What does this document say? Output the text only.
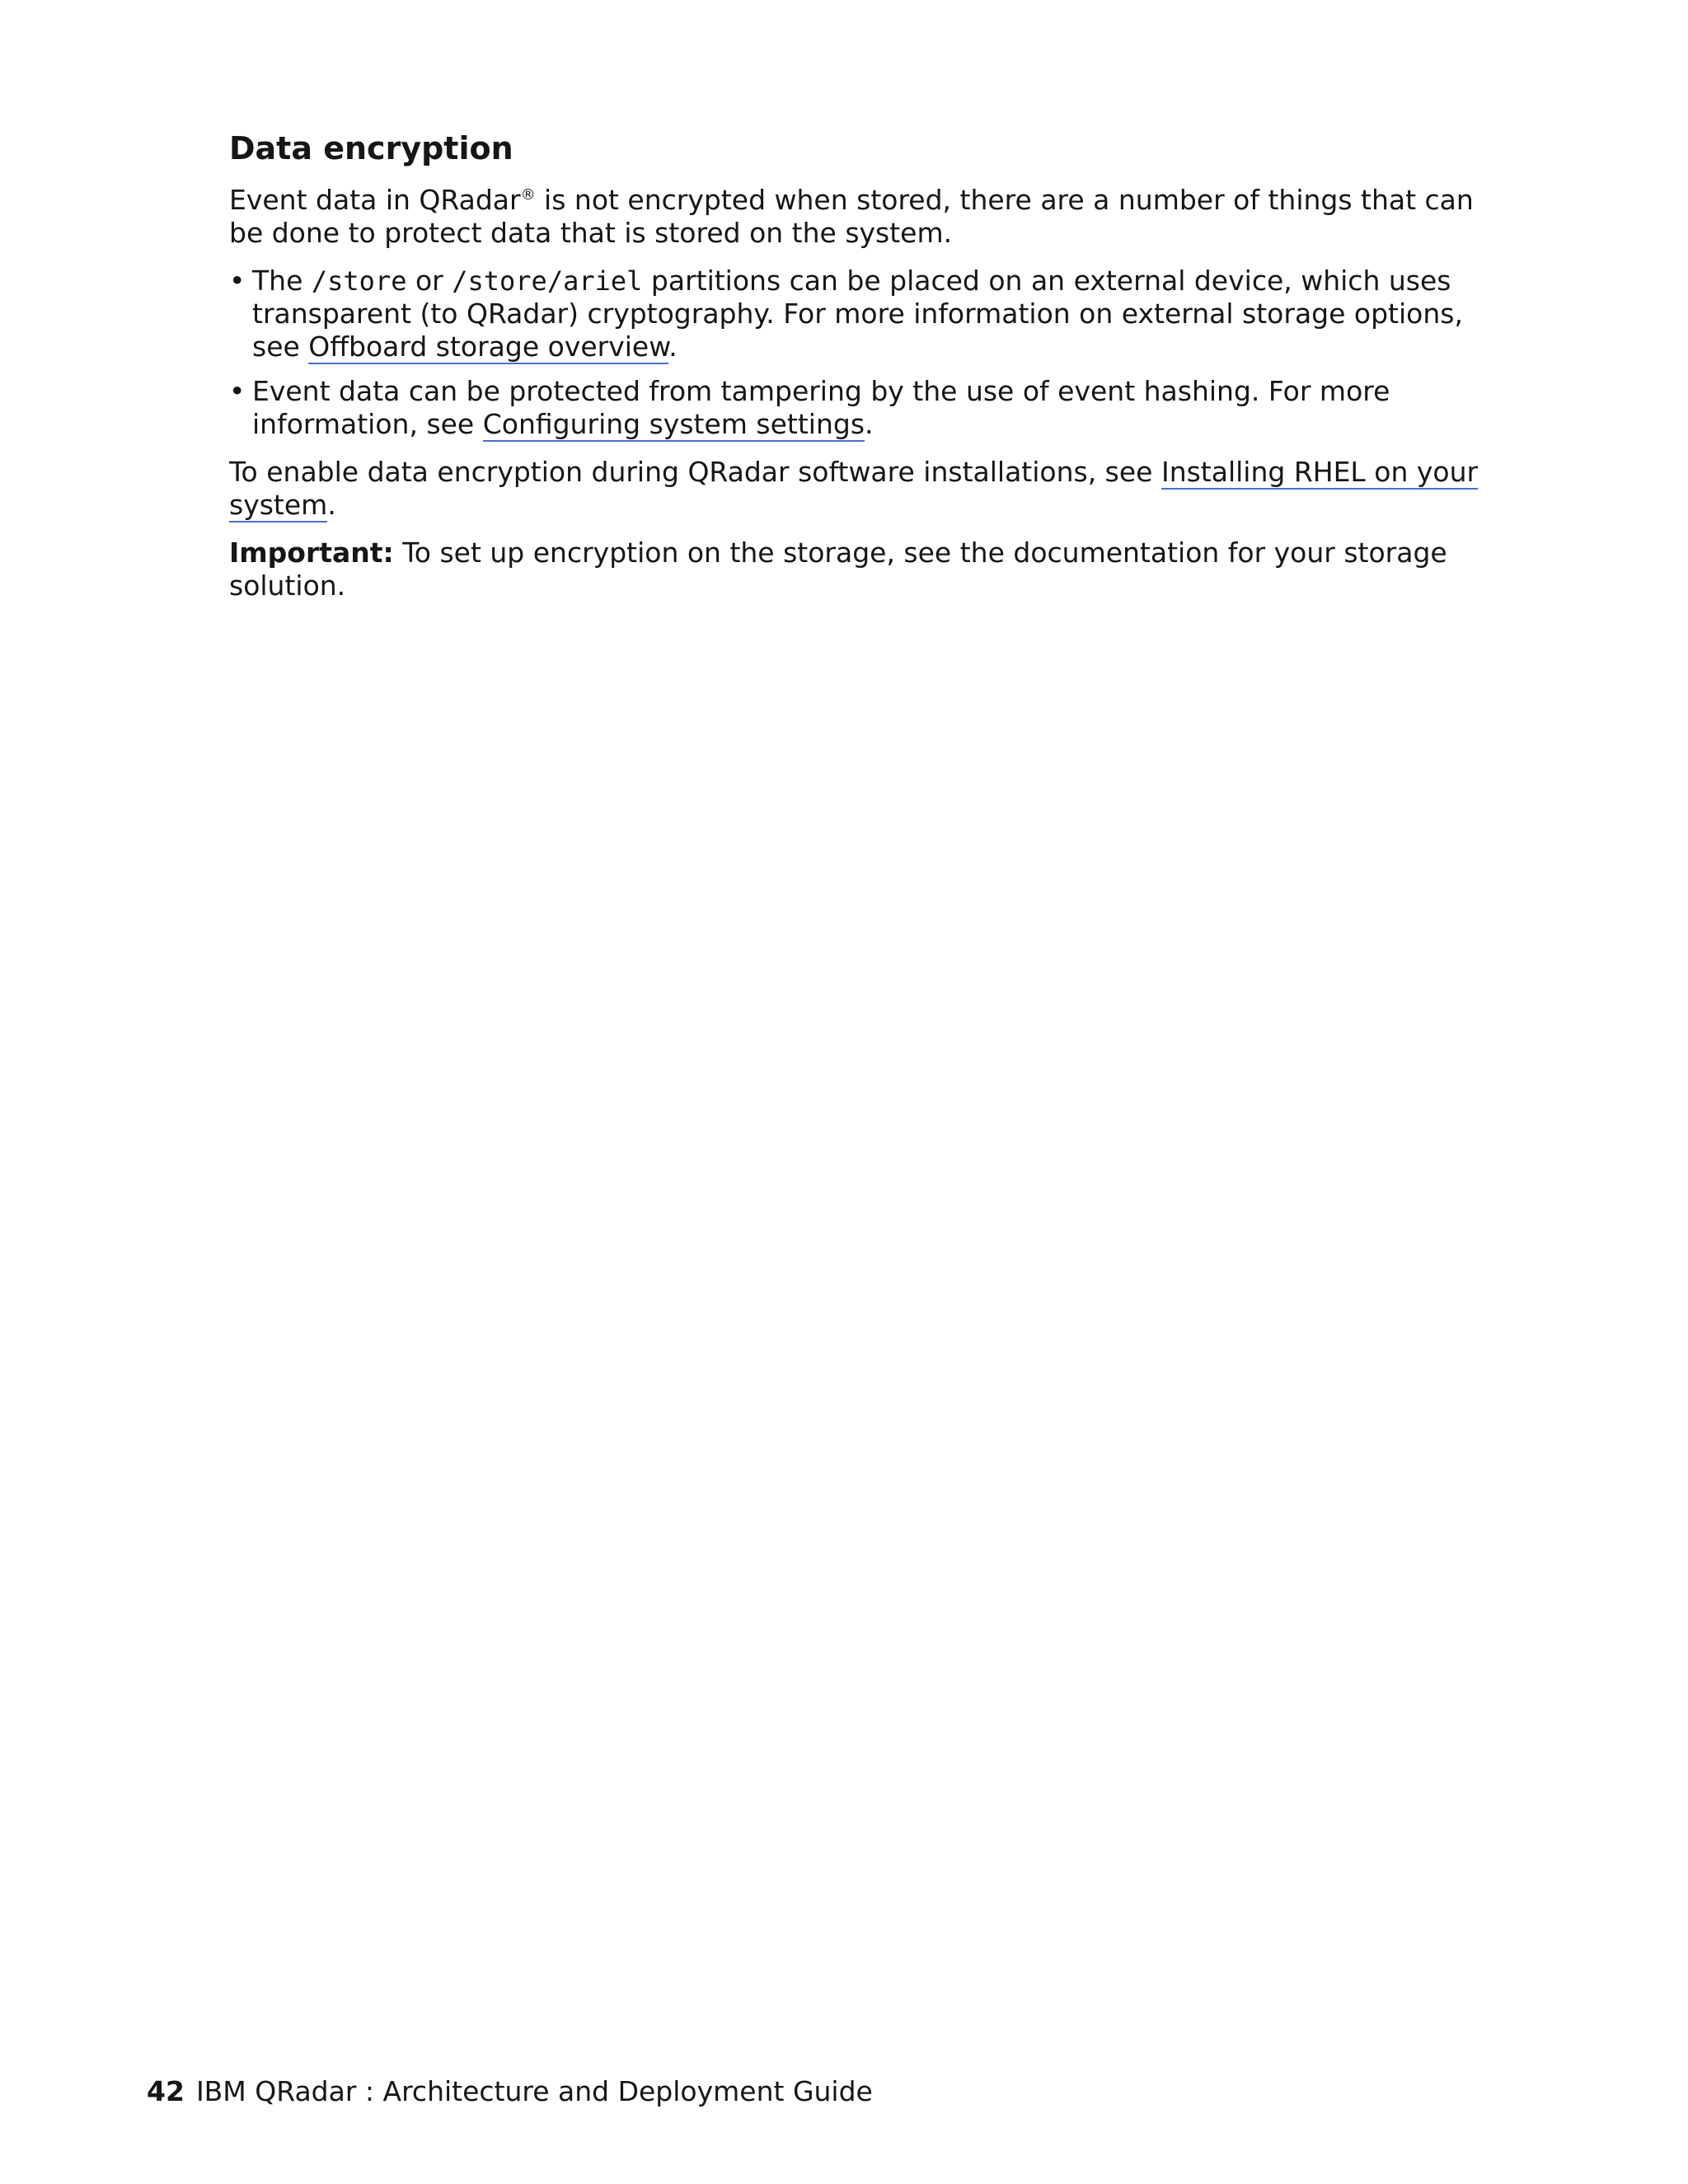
Data encryption

Event data in QRadar® is not encrypted when stored, there are a number of things that can be done to protect data that is stored on the system.

• The /store or /store/ariel partitions can be placed on an external device, which uses transparent (to QRadar) cryptography. For more information on external storage options, see Offboard storage overview.
• Event data can be protected from tampering by the use of event hashing. For more information, see Configuring system settings.

To enable data encryption during QRadar software installations, see Installing RHEL on your system.

Important: To set up encryption on the storage, see the documentation for your storage solution.

42 IBM QRadar : Architecture and Deployment Guide
